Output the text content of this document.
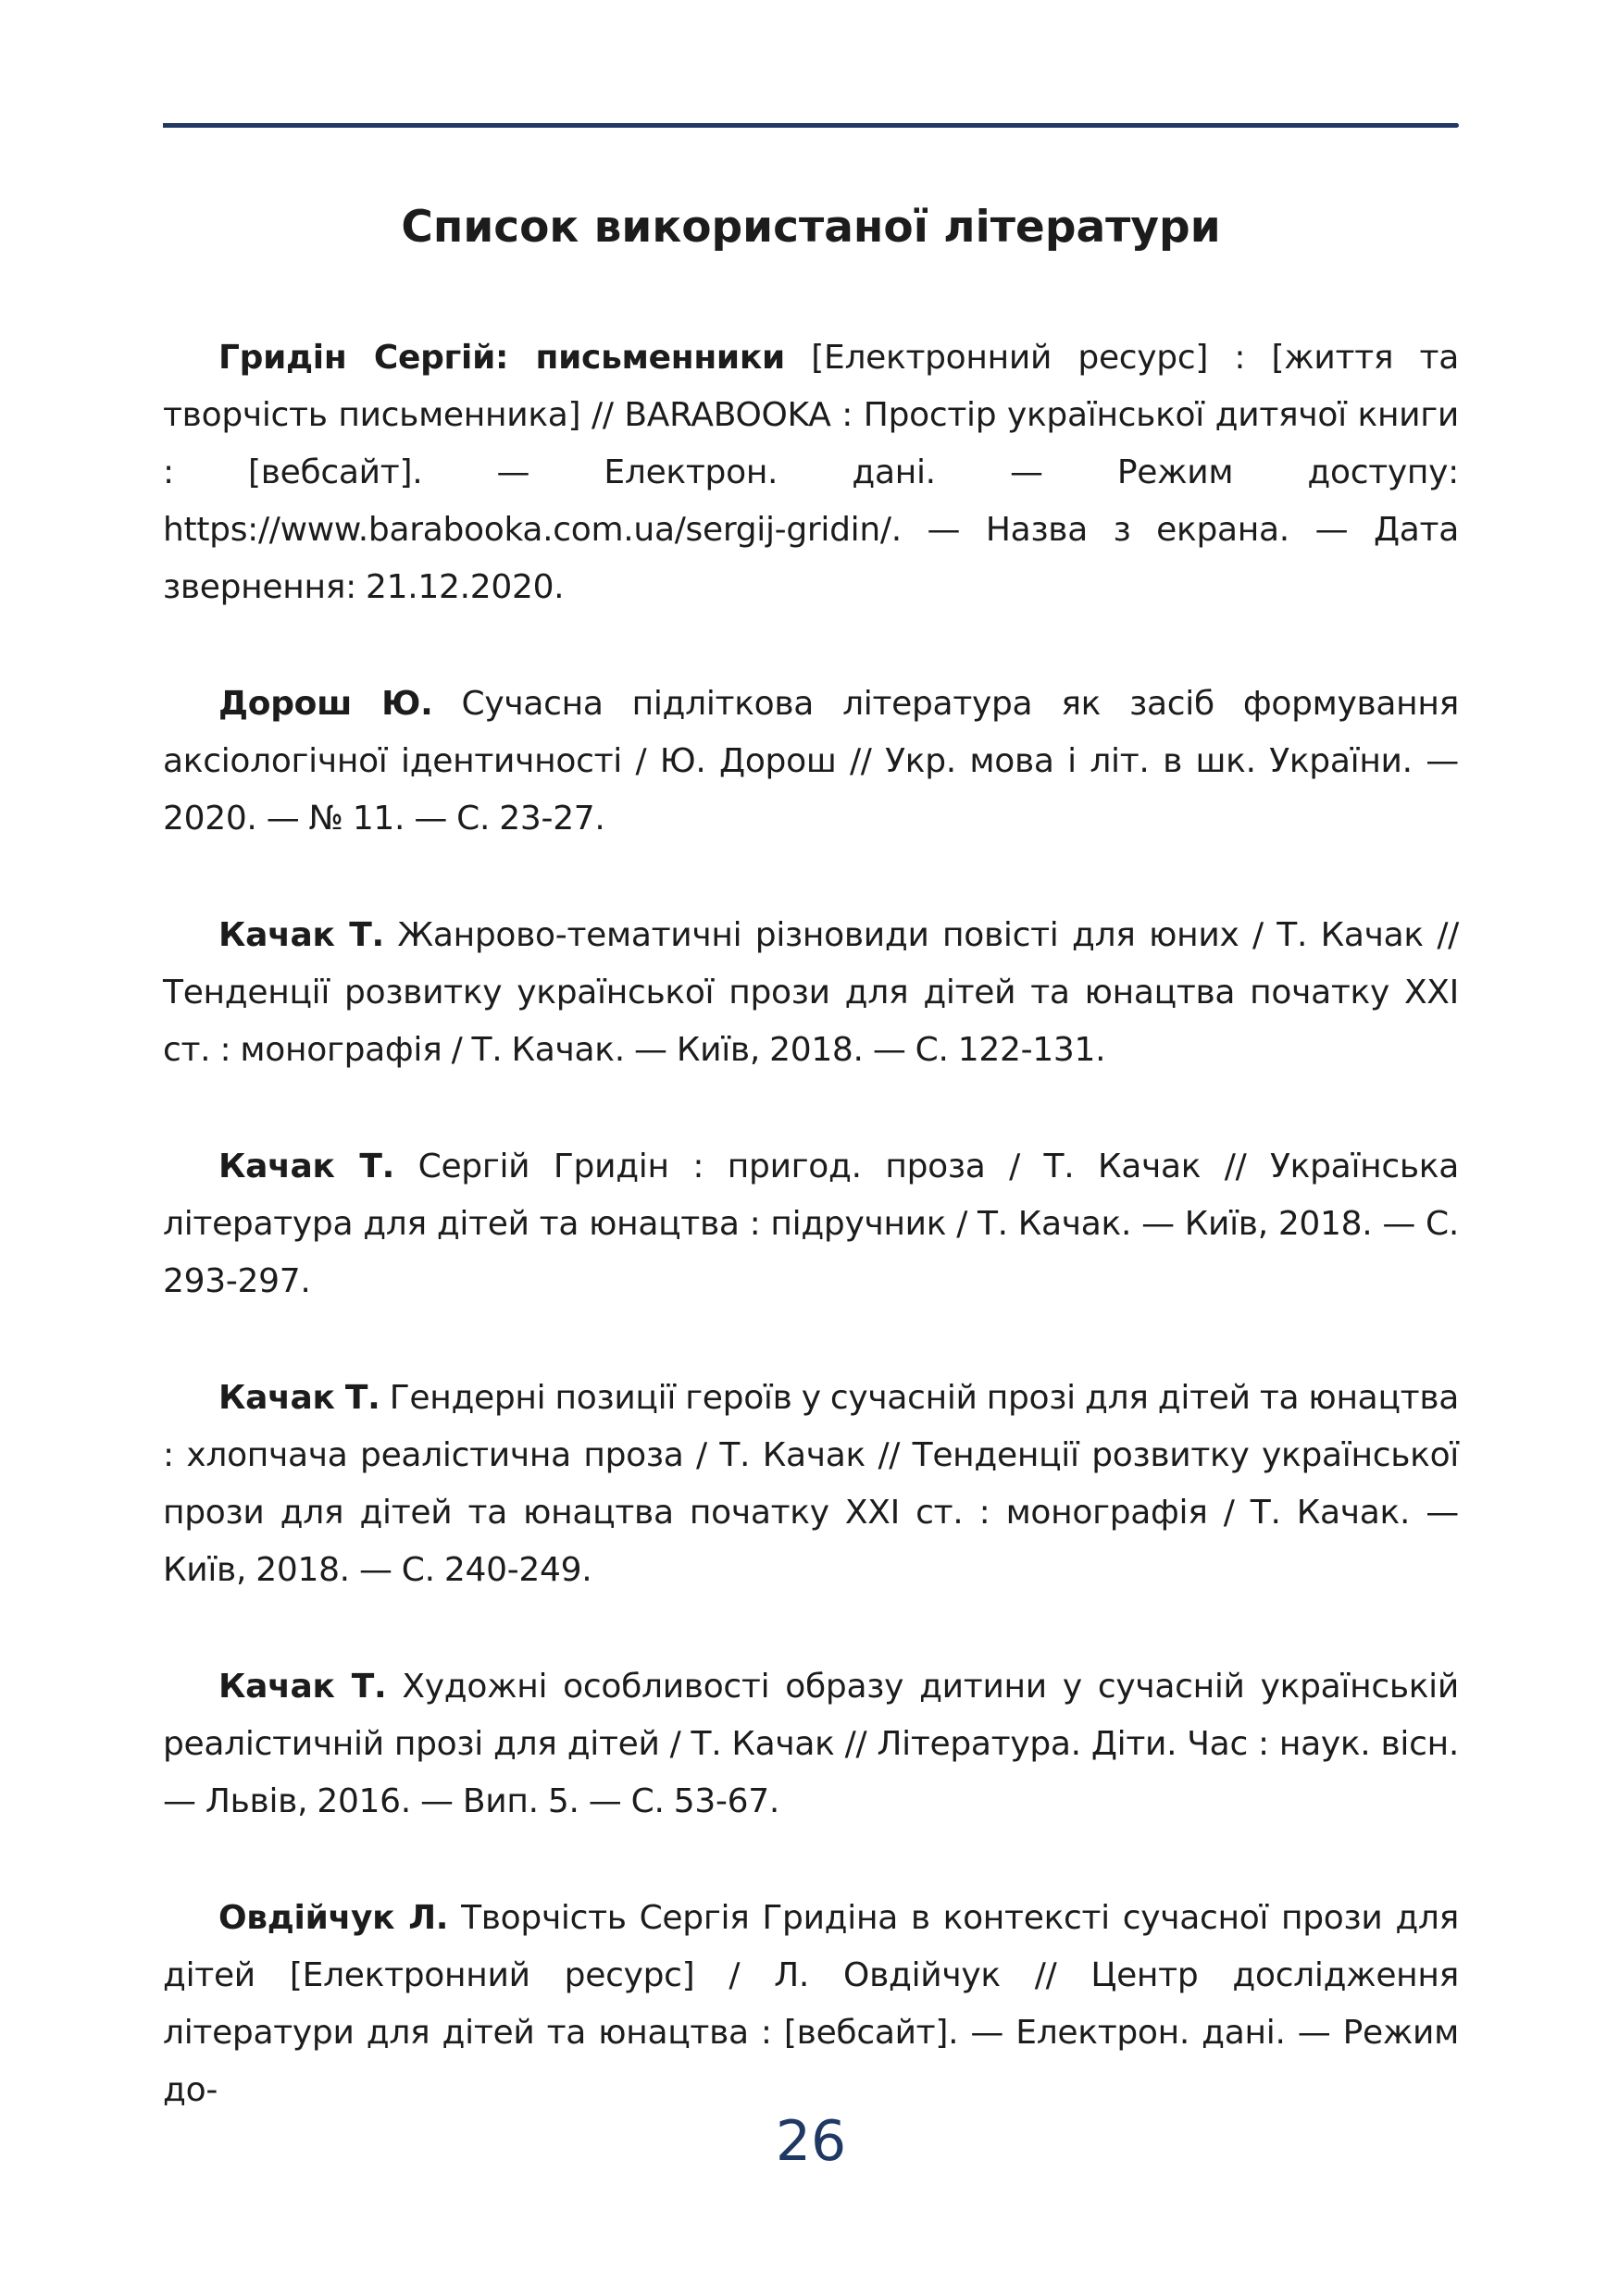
Список використаної літератури
Гридін Сергій: письменники [Електронний ресурс] : [життя та творчість письменника] // BARABOOKA : Простір української дитячої книги : [вебсайт]. — Електрон. дані. — Режим доступу: https://www.barabooka.com.ua/sergij-gridin/. — Назва з екрана. — Дата звернення: 21.12.2020.
Дорош Ю. Сучасна підліткова література як засіб формування аксіологічної ідентичності / Ю. Дорош // Укр. мова і літ. в шк. України. — 2020. — № 11. — С. 23-27.
Качак Т. Жанрово-тематичні різновиди повісті для юних / Т. Качак // Тенденції розвитку української прози для дітей та юнацтва початку ХХІ ст. : монографія / Т. Качак. — Київ, 2018. — С. 122-131.
Качак Т. Сергій Гридін : пригод. проза / Т. Качак // Українська література для дітей та юнацтва : підручник / Т. Качак. — Київ, 2018. — С. 293-297.
Качак Т. Гендерні позиції героїв у сучасній прозі для дітей та юнацтва : хлопчача реалістична проза / Т. Качак // Тенденції розвитку української прози для дітей та юнацтва початку ХХІ ст. : монографія / Т. Качак. — Київ, 2018. — С. 240-249.
Качак Т. Художні особливості образу дитини у сучасній українській реалістичній прозі для дітей / Т. Качак // Література. Діти. Час : наук. вісн. — Львів, 2016. — Вип. 5. — С. 53-67.
Овдійчук Л. Творчість Сергія Гридіна в контексті сучасної прози для дітей [Електронний ресурс] / Л. Овдійчук // Центр дослідження літератури для дітей та юнацтва : [вебсайт]. — Електрон. дані. — Режим до-
26
